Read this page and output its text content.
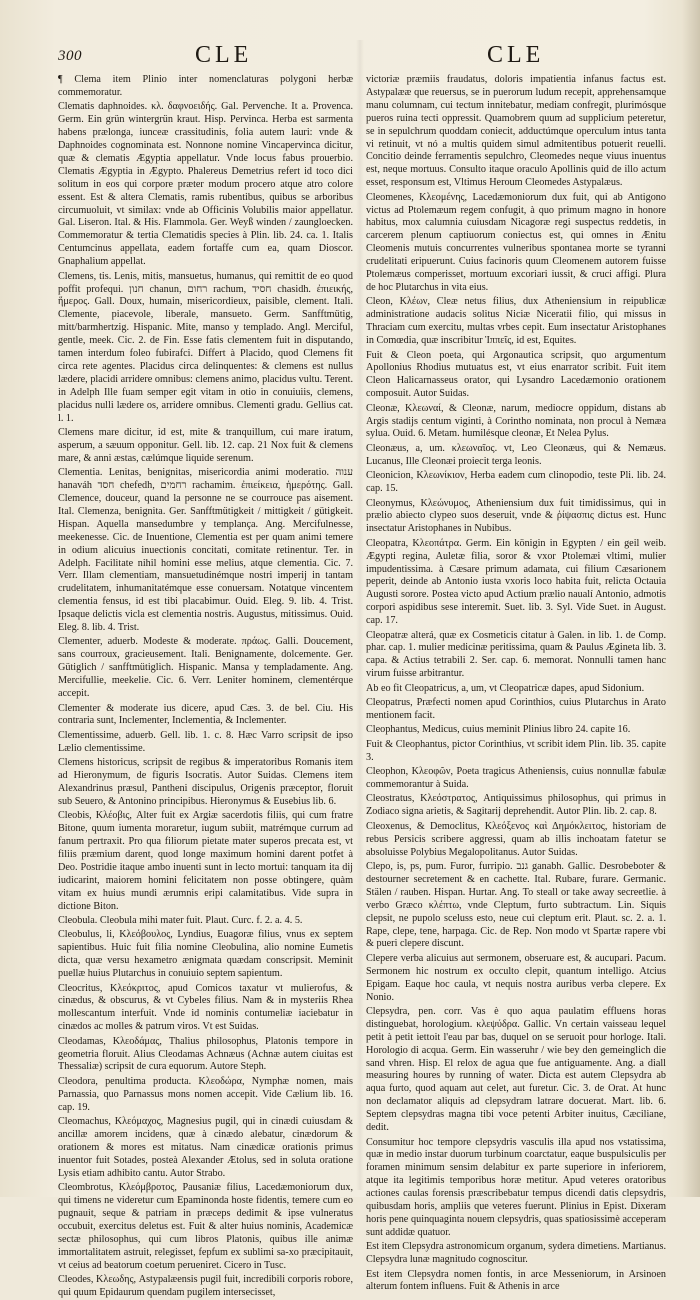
300	CLE	CLE

¶ Clema item Plinio inter nomenclaturas polygoni herbæ commemoratur.

Clematis daphnoides. κλ. δαφνοειδής. Gal. Pervenche. It a. Provenca. Germ. Ein grün wintergrün kraut. Hisp. Pervinca. Herba est sarmenta habens prælonga, iunceæ crassitudinis, folia autem lauri: vnde & Daphnoides cognominata est. Nonnone nomine Vincapervinca dicitur, quæ & clematis Ægyptia appellatur. Vnde locus fabus prouerbio. Clematis Ægyptia in Ægypto. Phalereus Demetrius refert id toco dici solitum in eos qui corpore præter modum procero atque atro colore essent. Est & altera Clematis, ramis rubentibus, quibus se arboribus circumuoluit, vt similax: vnde ab Officinis Volubilis maior appellatur. Gal. Liseron. Ital. & His. Flammola. Ger. Weyß winden / zaungloecken. Commemoratur & tertia Clematidis species à Plin. lib. 24. ca. 1. Italis Centumcinus appellata, eadem fortaffe cum ea, quam Dioscor. Gnaphalium appellat.

Clemens, tis. Lenis, mitis, mansuetus, humanus, qui remittit de eo quod poffit profequi. חנון chanun, רחום rachum, חסיד chasidh. ἐπιεικής, ἥμερος. Gall. Doux, humain, misericordieux, paisible, clement. Itali. Clemente, piacevole, liberale, mansueto. Germ. Sanfftmütig, mitt/barmhertzig. Hispanic. Mite, manso y templado. Angl. Merciful, gentle, meek. Cic. 2. de Fin. Esse fatis clementem fuit in disputando, tamen interdum foleo fubirafci. Differt à Placido, quod Clemens fit circa rete agentes. Placidus circa delinquentes: & clemens est nullus lædere, placidi arridere omnibus: clemens animo, placidus vultu. Terent. in Adelph Ille fuam semper egit vitam in otio in conuiuiis, clemens, placidus nulli lædere os, arridere omnibus. Clementi gradu. Gellius cat. l. 1.

Clemens mare dicitur, id est, mite & tranquillum, cui mare iratum, asperum, a sæuum opponitur. Gell. lib. 12. cap. 21 Nox fuit & clemens mare, & anni æstas, cælúmque liquide serenum.

Clementia. Lenitas, benignitas, misericordia animi moderatio. ענוה hanaváh חסד chefedh, רחמים rachamim. ἐπιείκεια, ἡμερότης. Gall. Clemence, douceur, quand la personne ne se courrouce pas aisement. Ital. Clemenza, benignita. Ger. Sanfftmütigkeit / mittigkeit / gütigkeit. Hispan. Aquella mansedumbre y templança. Ang. Mercifulnesse, meekenesse. Cic. de Inuentione, Clementia est per quam animi temere in odium alicuius inuectionis concitati, comitate retinentur. Ter. in Adelph. Facilitate nihil homini esse melius, atque clementia. Cic. 7. Verr. Illam clementiam, mansuetudinémque nostri imperij in tantam crudelitatem, inhumanitatémque esse conuersam. Notatque vincentem clementia fensus, id est tibi placabimur. Ouid. Eleg. 9. lib. 4. Trist. Ipsaque delictis vicla est clementia nostris. Augustus, mitissimus. Ouid. Eleg. 8. lib. 4. Trist.

Clementer, aduerb. Modeste & moderate. πράως. Galli. Doucement, sans courroux, gracieusement. Itali. Benignamente, dolcemente. Ger. Gütiglich / sanfftmütiglich. Hispanic. Mansa y templadamente. Ang. Mercifullie, meekelie. Cic. 6. Verr. Leniter hominem, clementérque accepit.

Clementer & moderate ius dicere, apud Cæs. 3. de bel. Ciu. His contraria sunt, Inclementer, Inclementia, & Inclementer.

Clementissime, aduerb. Gell. lib. 1. c. 8. Hæc Varro scripsit de ipso Lælio clementissime.

Clemens historicus, scripsit de regibus & imperatoribus Romanis item ad Hieronymum, de figuris Isocratis. Autor Suidas. Clemens item Alexandrinus præsul, Pantheni discipulus, Origenis præceptor, floruit sub Seuero, & Antonino principibus. Hieronymus & Eusebius lib. 6.

Cleobis, Κλέοβις, Alter fuit ex Argiæ sacerdotis filiis, qui cum fratre Bitone, quum iumenta moraretur, iugum subiit, matrémque currum ad fanum pertraxit. Pro qua filiorum pietate mater superos precata est, vt filiis præmium darent, quod longe maximum homini darent potfet à Deo. Postridie itaque ambo inuenti sunt in lecto mortui: tanquam ita dij iudicarint, maiorem homini felicitatem non posse obtingere, quàm vitam ex huius mundi ærumnis eripi calamitatibus. Vide supra in dictione Biton.

Cleobula. Cleobula mihi mater fuit. Plaut. Curc. f. 2. a. 4. 5.

Cleobulus, li, Κλεόβουλος, Lyndius, Euagoræ filius, vnus ex septem sapientibus. Huic fuit filia nomine Cleobulina, alio nomine Eumetis dicta, quæ versu hexametro ænigmata quædam conscripsit. Meminit puellæ huius Plutarchus in conuiuio septem sapientum.

Cleocritus, Κλεόκριτος, apud Comicos taxatur vt mulierofus, & cinædus, & obscurus, & vt Cybeles filius. Nam & in mysteriis Rhea mollescantum interfuit. Vnde id nominis contumeliæ iaciebatur in cinædos ac molles & patrum viros. Vt est Suidas.

Cleodamas, Κλεοδάμας, Thalius philosophus, Platonis tempore in geometria floruit. Alius Cleodamas Achnæus (Achnæ autem ciuitas est Thessaliæ) scripsit de cura equorum. Autore Steph.

Cleodora, penultima producta. Κλεοδώρα, Nymphæ nomen, mais Parnassia, quo Parnassus mons nomen accepit. Vide Cælium lib. 16. cap. 19.

Cleomachus, Κλεόμαχος, Magnesius pugil, qui in cinædi cuiusdam & ancillæ amorem incidens, quæ à cinædo alebatur, cinædorum & orationem & mores est mitatus. Nam cinædicæ orationis primus inuentor fuit Sotades, posteà Alexander Ætolus, sed in soluta oratione Lysis etiam adhibito cantu. Autor Strabo.

Cleombrotus, Κλεόμβροτος, Pausaniæ filius, Lacedæmoniorum dux, qui timens ne videretur cum Epaminonda hoste fidentis, temere cum eo pugnauit, seque & patriam in præceps dedimit & ipse vulneratus occubuit, exercitus deletus est. Fuit & alter huius nominis, Academicæ sectæ philosophus, qui cum libros Platonis, quibus ille animæ immortalitatem astruit, relegisset, fepfum ex sublimi sa-xo præcipitauit, vt ceius ad beatorum coetum perueniret. Cicero in Tusc.

Cleodes, Κλεωδης, Astypalæensis pugil fuit, incredibili corporis robore, qui quum Epidaurum quendam pugilem intersecisset,

victoriæ præmiis fraudatus, doloris impatientia infanus factus est. Astypalææ que reuersus, se in puerorum ludum recepit, apprehensamque manu columnam, cui tectum innitebatur, mediam confregit, plurimósque pueros ruina tecti oppressit. Quamobrem quum ad supplicium peteretur, se in sepulchrum quoddam coniecit, adductúmque operculum intus tanta vi retinuit, vt nó a multis quidem simul admitentibus potuerit reuelli. Concitio deinde ferramentis sepulchro, Cleomedes neque viuus inuentus est, neque mortuus. Consulto itaque oraculo Apollinis quid de illo actum esset, responsum est, Vltimus Heroum Cleomedes Astypalæus.

Cleomenes, Κλεομένης, Lacedæmoniorum dux fuit, qui ab Antigono victus ad Ptolemæum regem confugit, à quo primum magno in honore habitus, mox calumnia cuiusdam Nicagoræ regi suspectus reddetis, in carcerem plenum captiuorum coniectus est, qui omnes in Ænitu Cleomenis mutuis concurrentes vulneribus spontanea morte se tyranni crudelitati eripuerunt. Cuius facinoris quum Cleomenem autorem fuisse Ptolemæus comperisset, mortuum excoriari iussit, & cruci affigi. Plura de hoc Plutarchus in vita eius.

Cleon, Κλέων, Cleæ netus filius, dux Atheniensium in reipublicæ administratione audacis solitus Niciæ Niceratii filio, qui missus in Thraciam cum exercitu, multas vrbes cepit. Eum insectatur Aristophanes in Comœdia, quæ inscribitur Ἱππεῖς, id est, Equites.

Fuit & Cleon poeta, qui Argonautica scripsit, quo argumentum Apollonius Rhodius mutuatus est, vt eius enarrator scribit. Fuit item Cleon Halicarnasseus orator, qui Lysandro Lacedæmonio orationem composuit. Autor Suidas.

Cleonæ, Κλεωναί, & Cleonæ, narum, mediocre oppidum, distans ab Argis stadijs centum viginti, à Corintho nominata, non procul à Nemæa sylua. Ouid. 6. Metam. humilésque cleonæ, Et Nelea Pylus.

Cleonæus, a, um. κλεωναῖος. vt, Leo Cleonæus, qui & Nemæus. Lucanus, Ille Cleonæi proiecit terga leonis.

Cleonicion, Κλεωνίκιον, Herba eadem cum clinopodio, teste Pli. lib. 24. cap. 15.

Cleonymus, Κλεώνυμος, Atheniensium dux fuit timidissimus, qui in prælio abiecto clypeo suos deseruit, vnde & ῥίψασπις dictus est. Hunc insectatur Aristophanes in Nubibus.

Cleopatra, Κλεοπάτρα. Germ. Ein königin in Egypten / ein geil weib. Ægypti regina, Auletæ filia, soror & vxor Ptolemæi vltimi, mulier impudentissima. à Cæsare primum adamata, cui filium Cæsarionem peperit, deinde ab Antonio iusta vxoris loco habita fuit, relicta Octauia Augusti sorore. Postea victo apud Actium prælio naualí Antonio, admotis corpori aspidibus sese interemit. Suet. lib. 3. Syl. Vide Suet. in August. cap. 17.

Cleopatræ alterá, quæ ex Cosmeticis citatur à Galen. in lib. 1. de Comp. phar. cap. 1. mulier medicinæ peritissima, quam & Paulus Ægineta lib. 3. capa. & Actius tetrabili 2. Ser. cap. 6. memorat. Nonnulli tamen hanc virum fuisse arbitrantur.

Ab eo fit Cleopatricus, a, um, vt Cleopatricæ dapes, apud Sidonium.

Cleopatrus, Præfecti nomen apud Corinthios, cuius Plutarchus in Arato mentionem facit.

Cleophantus, Medicus, cuius meminit Plinius libro 24. capite 16.

Fuit & Cleophantus, pictor Corinthius, vt scribit idem Plin. lib. 35. capite 3.

Cleophon, Κλεοφῶν, Poeta tragicus Atheniensis, cuius nonnullæ fabulæ commemorantur à Suida.

Cleostratus, Κλεόστρατος, Antiquissimus philosophus, qui primus in Zodiaco signa arietis, & Sagitarij deprehendit. Autor Plin. lib. 2. cap. 8.

Cleoxenus, & Democlitus, Κλεόξενος καὶ Δημόκλειτος, historiam de rebus Persicis scribere aggressi, quam ab illis inchoatam fatetur se absoluisse Polybius Megalopolitanus. Autor Suidas.

Clepo, is, ps, pum. Furor, furripio. גנב ganabh. Gallic. Desrobeboter & destourner secretement & en cachette. Ital. Rubare, furare. Germanic. Stälen / rauben. Hispan. Hurtar. Ang. To steall or take away secreetlie. à verbo Græco κλέπτω, vnde Cleptum, furto subtractum. Lin. Siquis clepsit, ne pupolo sceluss esto, neue cui cleptum erit. Plaut. sc. 2. a. 1. Rape, clepe, tene, harpaga. Cic. de Rep. Non modo vt Spartæ rapere vbi & pueri clepere discunt.

Clepere verba alicuius aut sermonem, obseruare est, & aucupari. Pacum. Sermonem hic nostrum ex occulto clepit, quantum intelligo. Atcius Epigam. Eaque hoc caula, vt nequis nostra auribus verba clepere. Ex Nonio.

Clepsydra, pen. corr. Vas è quo aqua paulatim effluens horas distinguebat, horologium. κλεψύδρα. Gallic. Vn certain vaisseau lequel petit à petit iettoit l'eau par bas, duquel on se seruoit pour horloge. Itali. Horologio di acqua. Germ. Ein wasseruhr / wie bey den gemeinglich die sand vhren. Hisp. El relox de agua que fue antiguamente. Ang. a diall measuring houres by running of water. Dicta est autem Clepsydra ab aqua furto, quod aquam aut celet, aut furetur. Cic. 3. de Orat. At hunc non declamator aliquis ad clepsydram latrare docuerat. Mart. lib. 6. Septem clepsydras magna tibi voce petenti Arbiter inuitus, Cæciliane, dedit.

Consumitur hoc tempore clepsydris vasculis illa apud nos vstatissima, quæ in medio instar duorum turbinum coarctatur, eaque buspulsiculis per foramen minimum sensim delabitur ex parte superiore in inferiorem, atque ita legitimis temporibus horæ metitur. Apud veteres oratoribus actiones caulas forensis præscribebatur tempus dicendi datis clepsydris, quibusdam horis, ampliis que veteres fuerunt. Plinius in Epist. Dixeram horis pene quinquaginta nouem clepsydris, quas spatiosissimè acceperam sunt addidæ quatuor.

Est item Clepsydra astronomicum organum, sydera dimetiens. Martianus. Clepsydra lunæ magnitudo cognoscitur.

Est item Clepsydra nomen fontis, in arce Messeniorum, in Arsinoen alterum fontem influens. Fuit & Athenis in arce
